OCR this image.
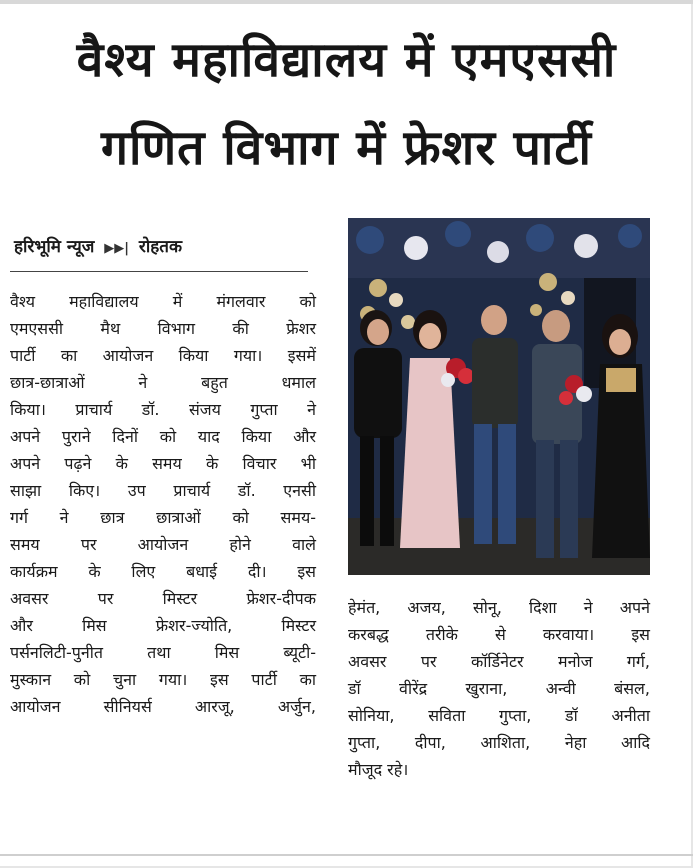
वैश्य महाविद्यालय में एमएससी
गणित विभाग में फ्रेशर पार्टी
हरिभूमि न्यूज ▶▶| रोहतक
वैश्य महाविद्यालय में मंगलवार को
एमएससी मैथ विभाग की फ्रेशर
पार्टी का आयोजन किया गया। इसमें
छात्र-छात्राओं ने बहुत धमाल
किया। प्राचार्य डॉ. संजय गुप्ता ने
अपने पुराने दिनों को याद किया और
अपने पढ़ने के समय के विचार भी
साझा किए। उप प्राचार्य डॉ. एनसी
गर्ग ने छात्र छात्राओं को समय-
समय पर आयोजन होने वाले
कार्यक्रम के लिए बधाई दी। इस
अवसर पर मिस्टर फ्रेशर-दीपक
और मिस फ्रेशर-ज्योति, मिस्टर
पर्सनलिटी-पुनीत तथा मिस ब्यूटी-
मुस्कान को चुना गया। इस पार्टी का
आयोजन सीनियर्स आरजू, अर्जुन,
हेमंत, अजय, सोनू, दिशा ने अपने
करबद्ध तरीके से करवाया। इस
अवसर पर कॉर्डिनेटर मनोज गर्ग,
डॉ वीरेंद्र खुराना, अन्वी बंसल,
सोनिया, सविता गुप्ता, डॉ अनीता
गुप्ता, दीपा, आशिता, नेहा आदि
मौजूद रहे।
